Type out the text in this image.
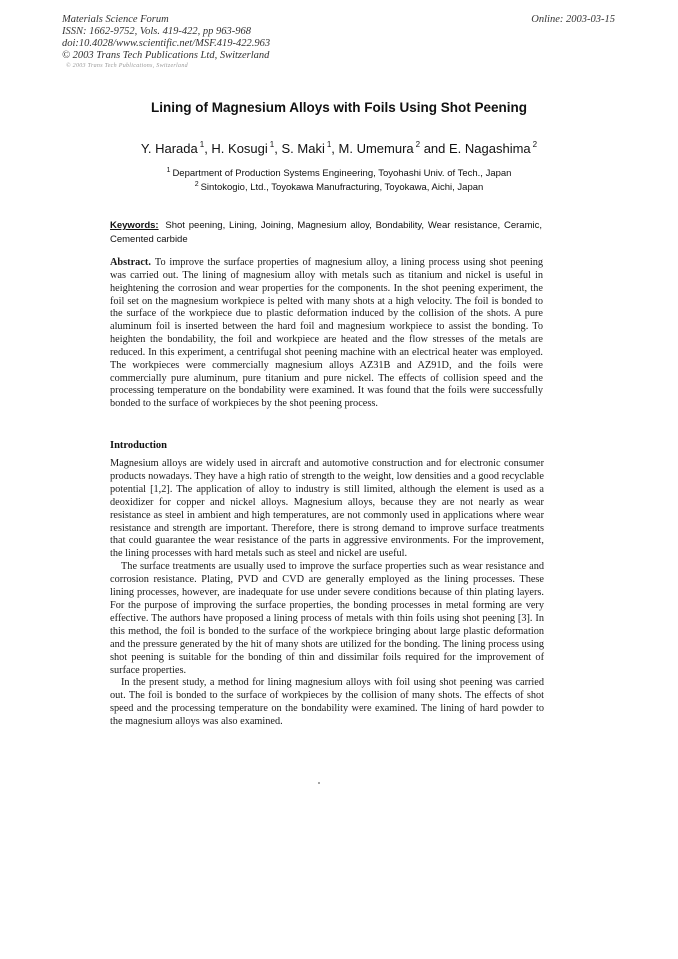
Materials Science Forum
ISSN: 1662-9752, Vols. 419-422, pp 963-968
doi:10.4028/www.scientific.net/MSF.419-422.963
© 2003 Trans Tech Publications Ltd, Switzerland
Online: 2003-03-15
© 2003 Trans Tech Publications, Switzerland
Lining of Magnesium Alloys with Foils Using Shot Peening
Y. Harada $^1$, H. Kosugi $^1$, S. Maki $^1$, M. Umemura $^2$ and E. Nagashima $^2$
$^1$ Department of Production Systems Engineering, Toyohashi Univ. of Tech., Japan
$^2$ Sintokogio, Ltd., Toyokawa Manufracturing, Toyokawa, Aichi, Japan
Keywords: Shot peening, Lining, Joining, Magnesium alloy, Bondability, Wear resistance, Ceramic, Cemented carbide
Abstract. To improve the surface properties of magnesium alloy, a lining process using shot peening was carried out. The lining of magnesium alloy with metals such as titanium and nickel is useful in heightening the corrosion and wear properties for the components. In the shot peening experiment, the foil set on the magnesium workpiece is pelted with many shots at a high velocity. The foil is bonded to the surface of the workpiece due to plastic deformation induced by the collision of the shots. A pure aluminum foil is inserted between the hard foil and magnesium workpiece to assist the bonding. To heighten the bondability, the foil and workpiece are heated and the flow stresses of the metals are reduced. In this experiment, a centrifugal shot peening machine with an electrical heater was employed. The workpieces were commercially magnesium alloys AZ31B and AZ91D, and the foils were commercially pure aluminum, pure titanium and pure nickel. The effects of collision speed and the processing temperature on the bondability were examined. It was found that the foils were successfully bonded to the surface of workpieces by the shot peening process.
Introduction

Magnesium alloys are widely used in aircraft and automotive construction and for electronic consumer products nowadays. They have a high ratio of strength to the weight, low densities and a good recyclable potential [1,2]. The application of alloy to industry is still limited, although the element is used as a deoxidizer for copper and nickel alloys. Magnesium alloys, because they are not nearly as wear resistance as steel in ambient and high temperatures, are not commonly used in applications where wear resistance and strength are important. Therefore, there is strong demand to improve surface treatments that could guarantee the wear resistance of the parts in aggressive environments. For the improvement, the lining processes with hard metals such as steel and nickel are useful.

The surface treatments are usually used to improve the surface properties such as wear resistance and corrosion resistance. Plating, PVD and CVD are generally employed as the lining processes. These lining processes, however, are inadequate for use under severe conditions because of thin plating layers. For the purpose of improving the surface properties, the bonding processes in metal forming are very effective. The authors have proposed a lining process of metals with thin foils using shot peening [3]. In this method, the foil is bonded to the surface of the workpiece bringing about large plastic deformation and the pressure generated by the hit of many shots are utilized for the bonding. The lining process using shot peening is suitable for the bonding of thin and dissimilar foils required for the improvement of surface properties.

In the present study, a method for lining magnesium alloys with foil using shot peening was carried out. The foil is bonded to the surface of workpieces by the collision of many shots. The effects of shot speed and the processing temperature on the bondability were examined. The lining of hard powder to the magnesium alloys was also examined.
